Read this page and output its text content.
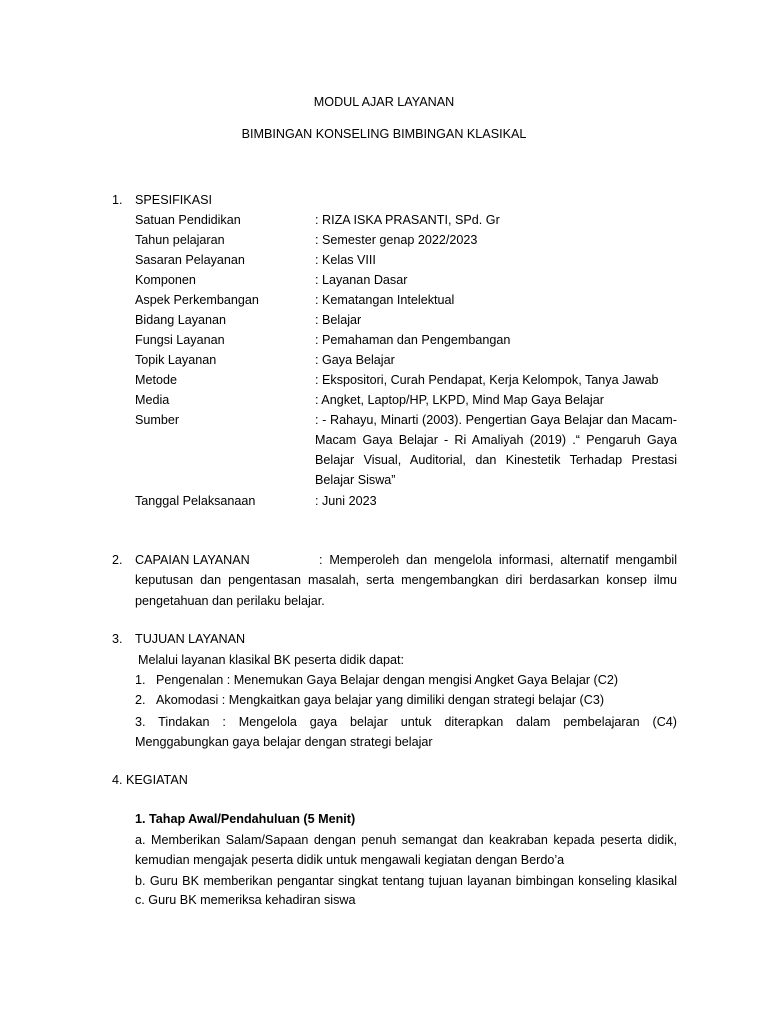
MODUL AJAR LAYANAN
BIMBINGAN KONSELING BIMBINGAN KLASIKAL
1. SPESIFIKASI
Satuan Pendidikan	: RIZA ISKA PRASANTI, SPd. Gr
Tahun pelajaran	: Semester genap 2022/2023
Sasaran Pelayanan	: Kelas VIII
Komponen	: Layanan Dasar
Aspek Perkembangan	: Kematangan Intelektual
Bidang Layanan	: Belajar
Fungsi Layanan	: Pemahaman dan Pengembangan
Topik Layanan	: Gaya Belajar
Metode	: Ekspositori, Curah Pendapat, Kerja Kelompok, Tanya Jawab
Media	: Angket, Laptop/HP, LKPD, Mind Map Gaya Belajar
Sumber	: - Rahayu, Minarti (2003). Pengertian Gaya Belajar dan Macam-
Macam Gaya Belajar - Ri Amaliyah (2019) .“ Pengaruh Gaya
Belajar Visual, Auditorial, dan Kinestetik Terhadap Prestasi
Belajar Siswa”
Tanggal Pelaksanaan	: Juni 2023
2. CAPAIAN LAYANAN	: Memperoleh dan mengelola informasi, alternatif mengambil
keputusan dan pengentasan masalah, serta mengembangkan diri berdasarkan konsep ilmu
pengetahuan dan perilaku belajar.
3. TUJUAN LAYANAN
Melalui layanan klasikal BK peserta didik dapat:
1. Pengenalan : Menemukan Gaya Belajar dengan mengisi Angket Gaya Belajar (C2)
2. Akomodasi : Mengkaitkan gaya belajar yang dimiliki dengan strategi belajar (C3)
3. Tindakan : Mengelola gaya belajar untuk diterapkan dalam pembelajaran (C4)
Menggabungkan gaya belajar dengan strategi belajar
4. KEGIATAN
1. Tahap Awal/Pendahuluan (5 Menit)
a. Memberikan Salam/Sapaan dengan penuh semangat dan keakraban kepada peserta didik,
kemudian mengajak peserta didik untuk mengawali kegiatan dengan Berdo’a
b. Guru BK memberikan pengantar singkat tentang tujuan layanan bimbingan konseling klasikal
c. Guru BK memeriksa kehadiran siswa
